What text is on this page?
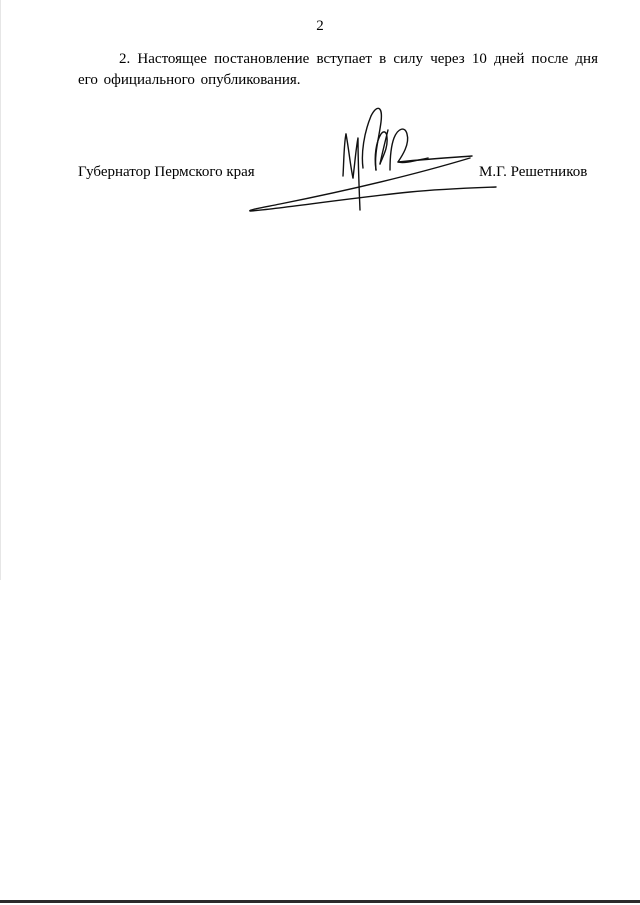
2

2. Настоящее постановление вступает в силу через 10 дней после дня его официального опубликования.

Губернатор Пермского края	М.Г. Решетников
